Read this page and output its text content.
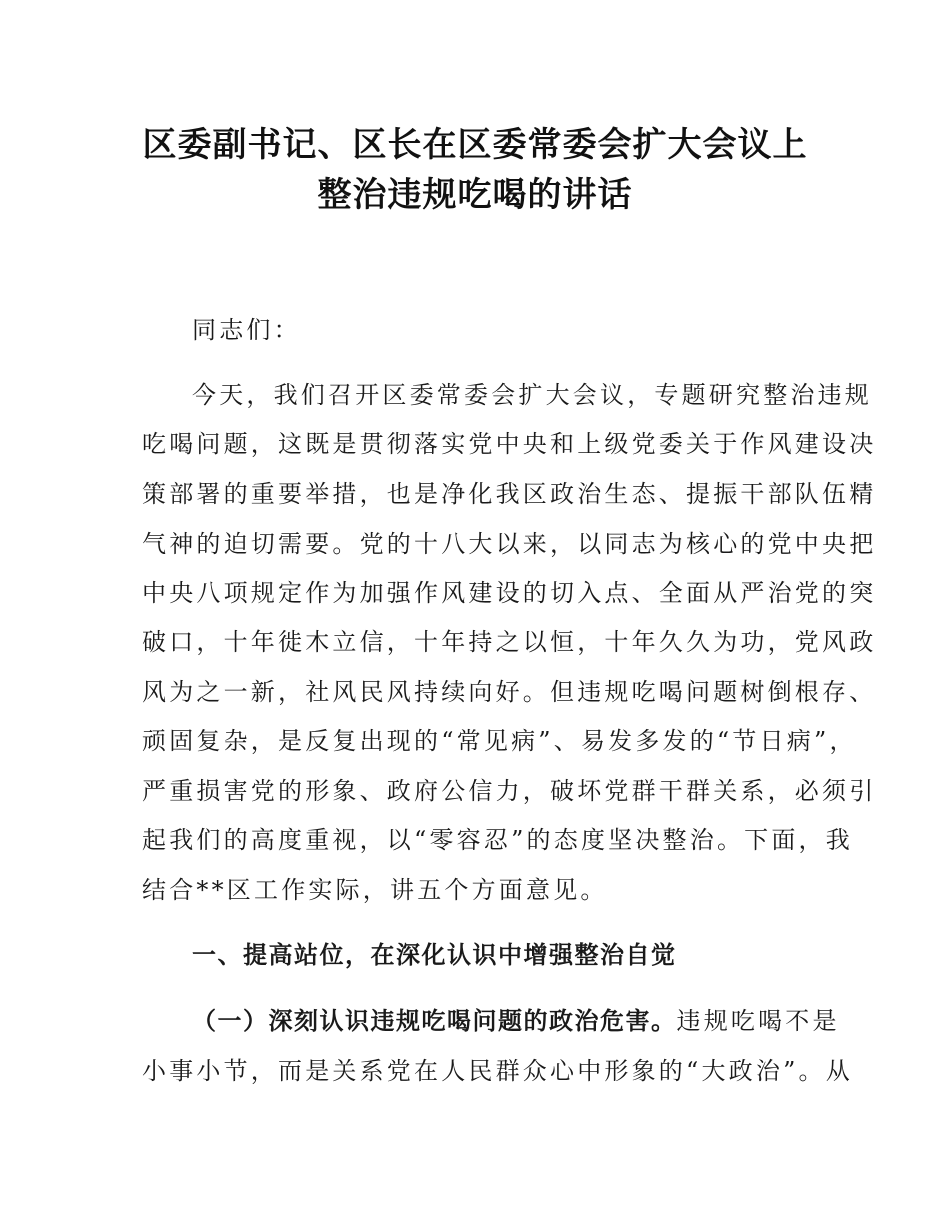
区委副书记、区长在区委常委会扩大会议上
整治违规吃喝的讲话
同志们：
今天，我们召开区委常委会扩大会议，专题研究整治违规
吃喝问题，这既是贯彻落实党中央和上级党委关于作风建设决
策部署的重要举措，也是净化我区政治生态、提振干部队伍精
气神的迫切需要。党的十八大以来，以同志为核心的党中央把
中央八项规定作为加强作风建设的切入点、全面从严治党的突
破口，十年徙木立信，十年持之以恒，十年久久为功，党风政
风为之一新，社风民风持续向好。但违规吃喝问题树倒根存、
顽固复杂，是反复出现的“常见病”、易发多发的“节日病”，
严重损害党的形象、政府公信力，破坏党群干群关系，必须引
起我们的高度重视，以“零容忍”的态度坚决整治。下面，我
结合**区工作实际，讲五个方面意见。
一、提高站位，在深化认识中增强整治自觉
（一）深刻认识违规吃喝问题的政治危害。违规吃喝不是
小事小节，而是关系党在人民群众心中形象的“大政治”。从
